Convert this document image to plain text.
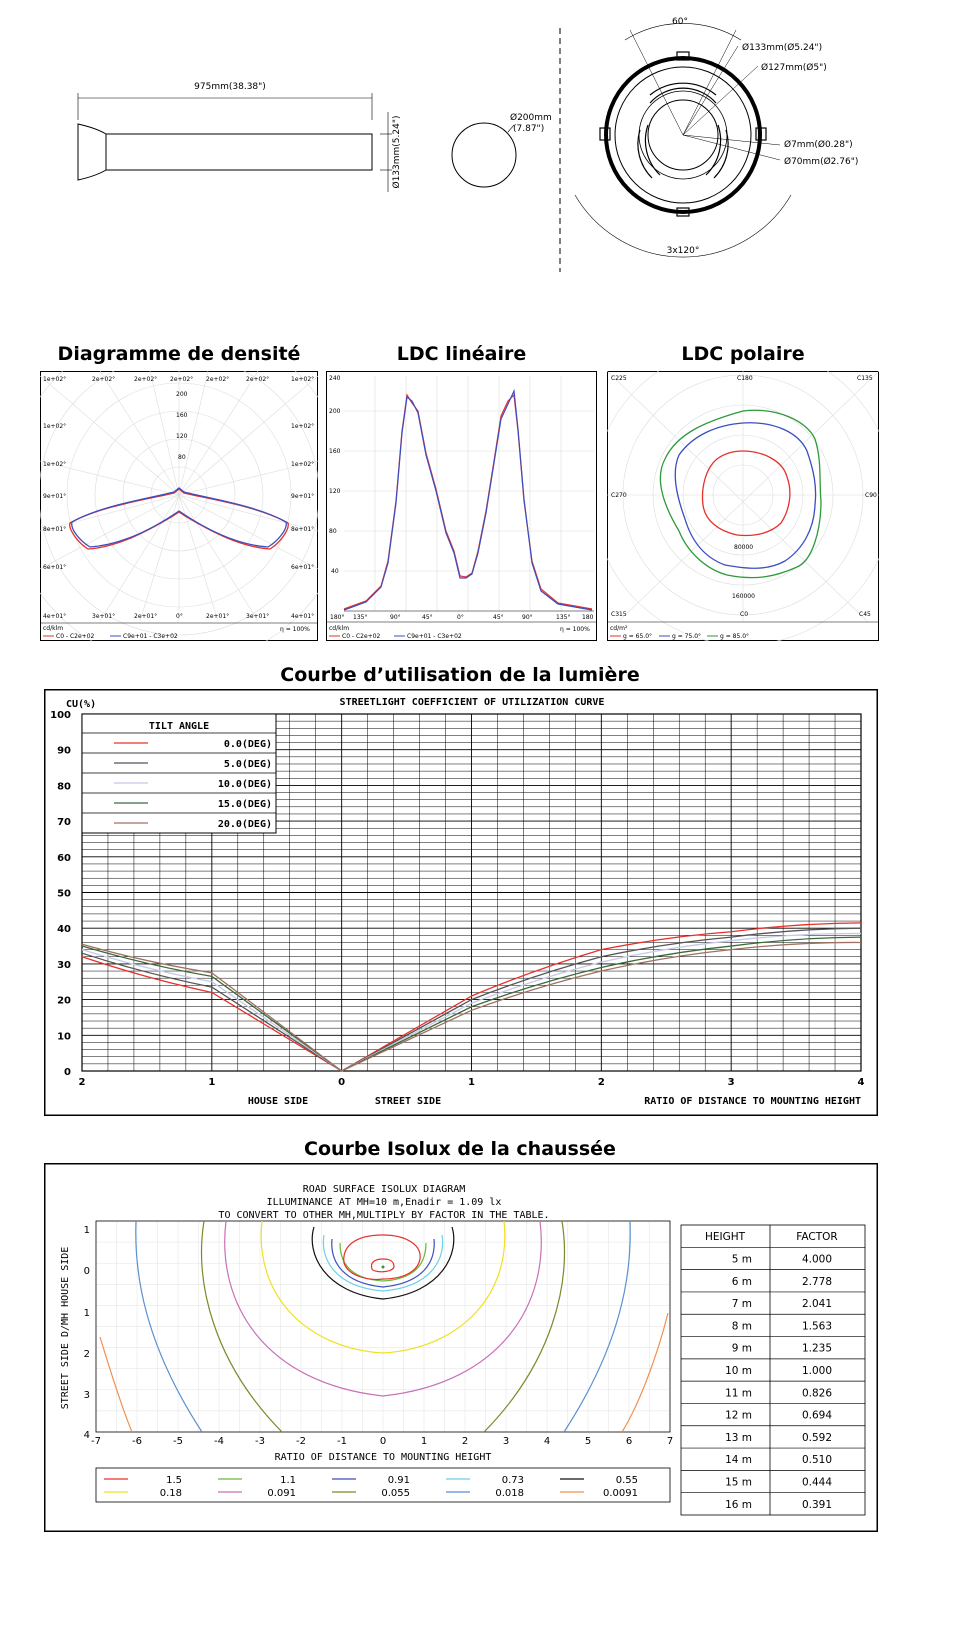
975mm(38.38")
Ø133mm(5.24")	Ø200mm
(7.87")
60°
3x120°
Ø133mm(Ø5.24")
Ø127mm(Ø5")
Ø7mm(Ø0.28")
Ø70mm(Ø2.76")
Diagramme de densité	LDC linéaire	LDC polaire
1e+02°	2e+02°	2e+02° 2e+02° 2e+02°	2e+02°	1e+02°
1e+02°
1e+02°
9e+01°
8e+01°
6e+01°
4e+01°
1e+02°
1e+02°
9e+01°
8e+01°
6e+01°
4e+01°
3e+01°	2e+01°	0°	2e+01°	3e+01°
200
160
120
80
cd/klm	η = 100%
C0 - C2e+02	C9e+01 - C3e+02
240
200
160
120
80
40
180° 135°	90°	45°	0°	45°	90°	135° 180
cd/klm	η = 100%
C0 - C2e+02	C9e+01 - C3e+02
C225	C180	C135
C270	C90
C315	C0	C45
80000
160000
cd/m²
g = 65.0°	g = 75.0°	g = 85.0°
Courbe d’utilisation de la lumière
STREETLIGHT COEFFICIENT OF UTILIZATION CURVE
CU(%)
TILT ANGLE
0.0(DEG)
5.0(DEG)
10.0(DEG)
15.0(DEG)
20.0(DEG)
100
90
80
70
60
50
40
30
20
10
0
2	1	0	1	2	3	4
HOUSE SIDE	STREET SIDE	RATIO OF DISTANCE TO MOUNTING HEIGHT
Courbe Isolux de la chaussée
ROAD SURFACE ISOLUX DIAGRAM
ILLUMINANCE AT MH=10 m,Enadir = 1.09 lx
TO CONVERT TO OTHER MH,MULTIPLY BY FACTOR IN THE TABLE.
STREET SIDE D/MH HOUSE SIDE
1
0
1
2
3
4
-7	-6	-5	-4	-3	-2	-1	0	1	2	3	4	5	6	7
RATIO OF DISTANCE TO MOUNTING HEIGHT
1.5	1.1	0.91	0.73	0.55
0.18	0.091	0.055	0.018	0.0091
HEIGHT	FACTOR
5 m	4.000
6 m	2.778
7 m	2.041
8 m	1.563
9 m	1.235
10 m	1.000
11 m	0.826
12 m	0.694
13 m	0.592
14 m	0.510
15 m	0.444
16 m	0.391
